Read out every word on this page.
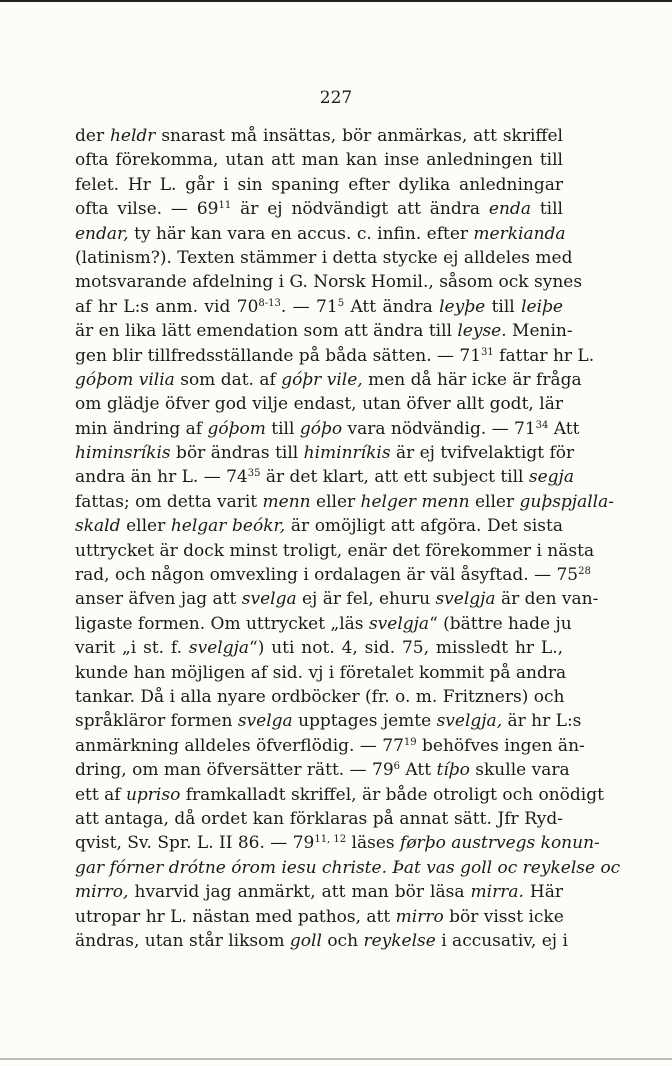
227
der heldr snarast må insättas, bör anmärkas, att skriffel
ofta förekomma, utan att man kan inse anledningen till
felet. Hr L. går i sin spaning efter dylika anledningar
ofta vilse. — $69^{11}$ är ej nödvändigt att ändra enda till
endar, ty här kan vara en accus. c. infin. efter merkianda
(latinism?). Texten stämmer i detta stycke ej alldeles med
motsvarande afdelning i G. Norsk Homil., såsom ock synes
af hr L:s anm. vid 70$^{8-13}$. — $71^5$ Att ändra leyþe till leiþe
är en lika lätt emendation som att ändra till leyse. Menin-
gen blir tillfredsställande på båda sätten. — $71^{31}$ fattar hr L.
góþom vilia som dat. af góþr vile, men då här icke är fråga
om glädje öfver god vilje endast, utan öfver allt godt, lär
min ändring af góþom till góþo vara nödvändig. — $71^{34}$ Att
himinsríkis bör ändras till himinríkis är ej tvifvelaktigt för
andra än hr L. — $74^{35}$ är det klart, att ett subject till segja
fattas; om detta varit menn eller helger menn eller guþspjalla-
skald eller helgar beókr, är omöjligt att afgöra. Det sista
uttrycket är dock minst troligt, enär det förekommer i nästa
rad, och någon omvexling i ordalagen är väl åsyftad. — $75^{28}$
anser äfven jag att svelga ej är fel, ehuru svelgja är den van-
ligaste formen. Om uttrycket „läs svelgja“ (bättre hade ju
varit „i st. f. svelgja“) uti not. 4, sid. 75, missledt hr L.,
kunde han möjligen af sid. vj i företalet kommit på andra
tankar. Då i alla nyare ordböcker (fr. o. m. Fritzners) och
språkläror formen svelga upptages jemte svelgja, är hr L:s
anmärkning alldeles öfverflödig. — $77^{19}$ behöfves ingen än-
dring, om man öfversätter rätt. — $79^6$ Att tíþo skulle vara
ett af upriso framkalladt skriffel, är både otroligt och onödigt
att antaga, då ordet kan förklaras på annat sätt. Jfr Ryd-
qvist, Sv. Spr. L. II 86. — 79$^{11, 12}$ läses førþo austrvegs konun-
gar fórner drótne órom iesu christe. Þat vas goll oc reykelse oc
mirro, hvarvid jag anmärkt, att man bör läsa mirra. Här
utropar hr L. nästan med pathos, att mirro bör visst icke
ändras, utan står liksom goll och reykelse i accusativ, ej i
